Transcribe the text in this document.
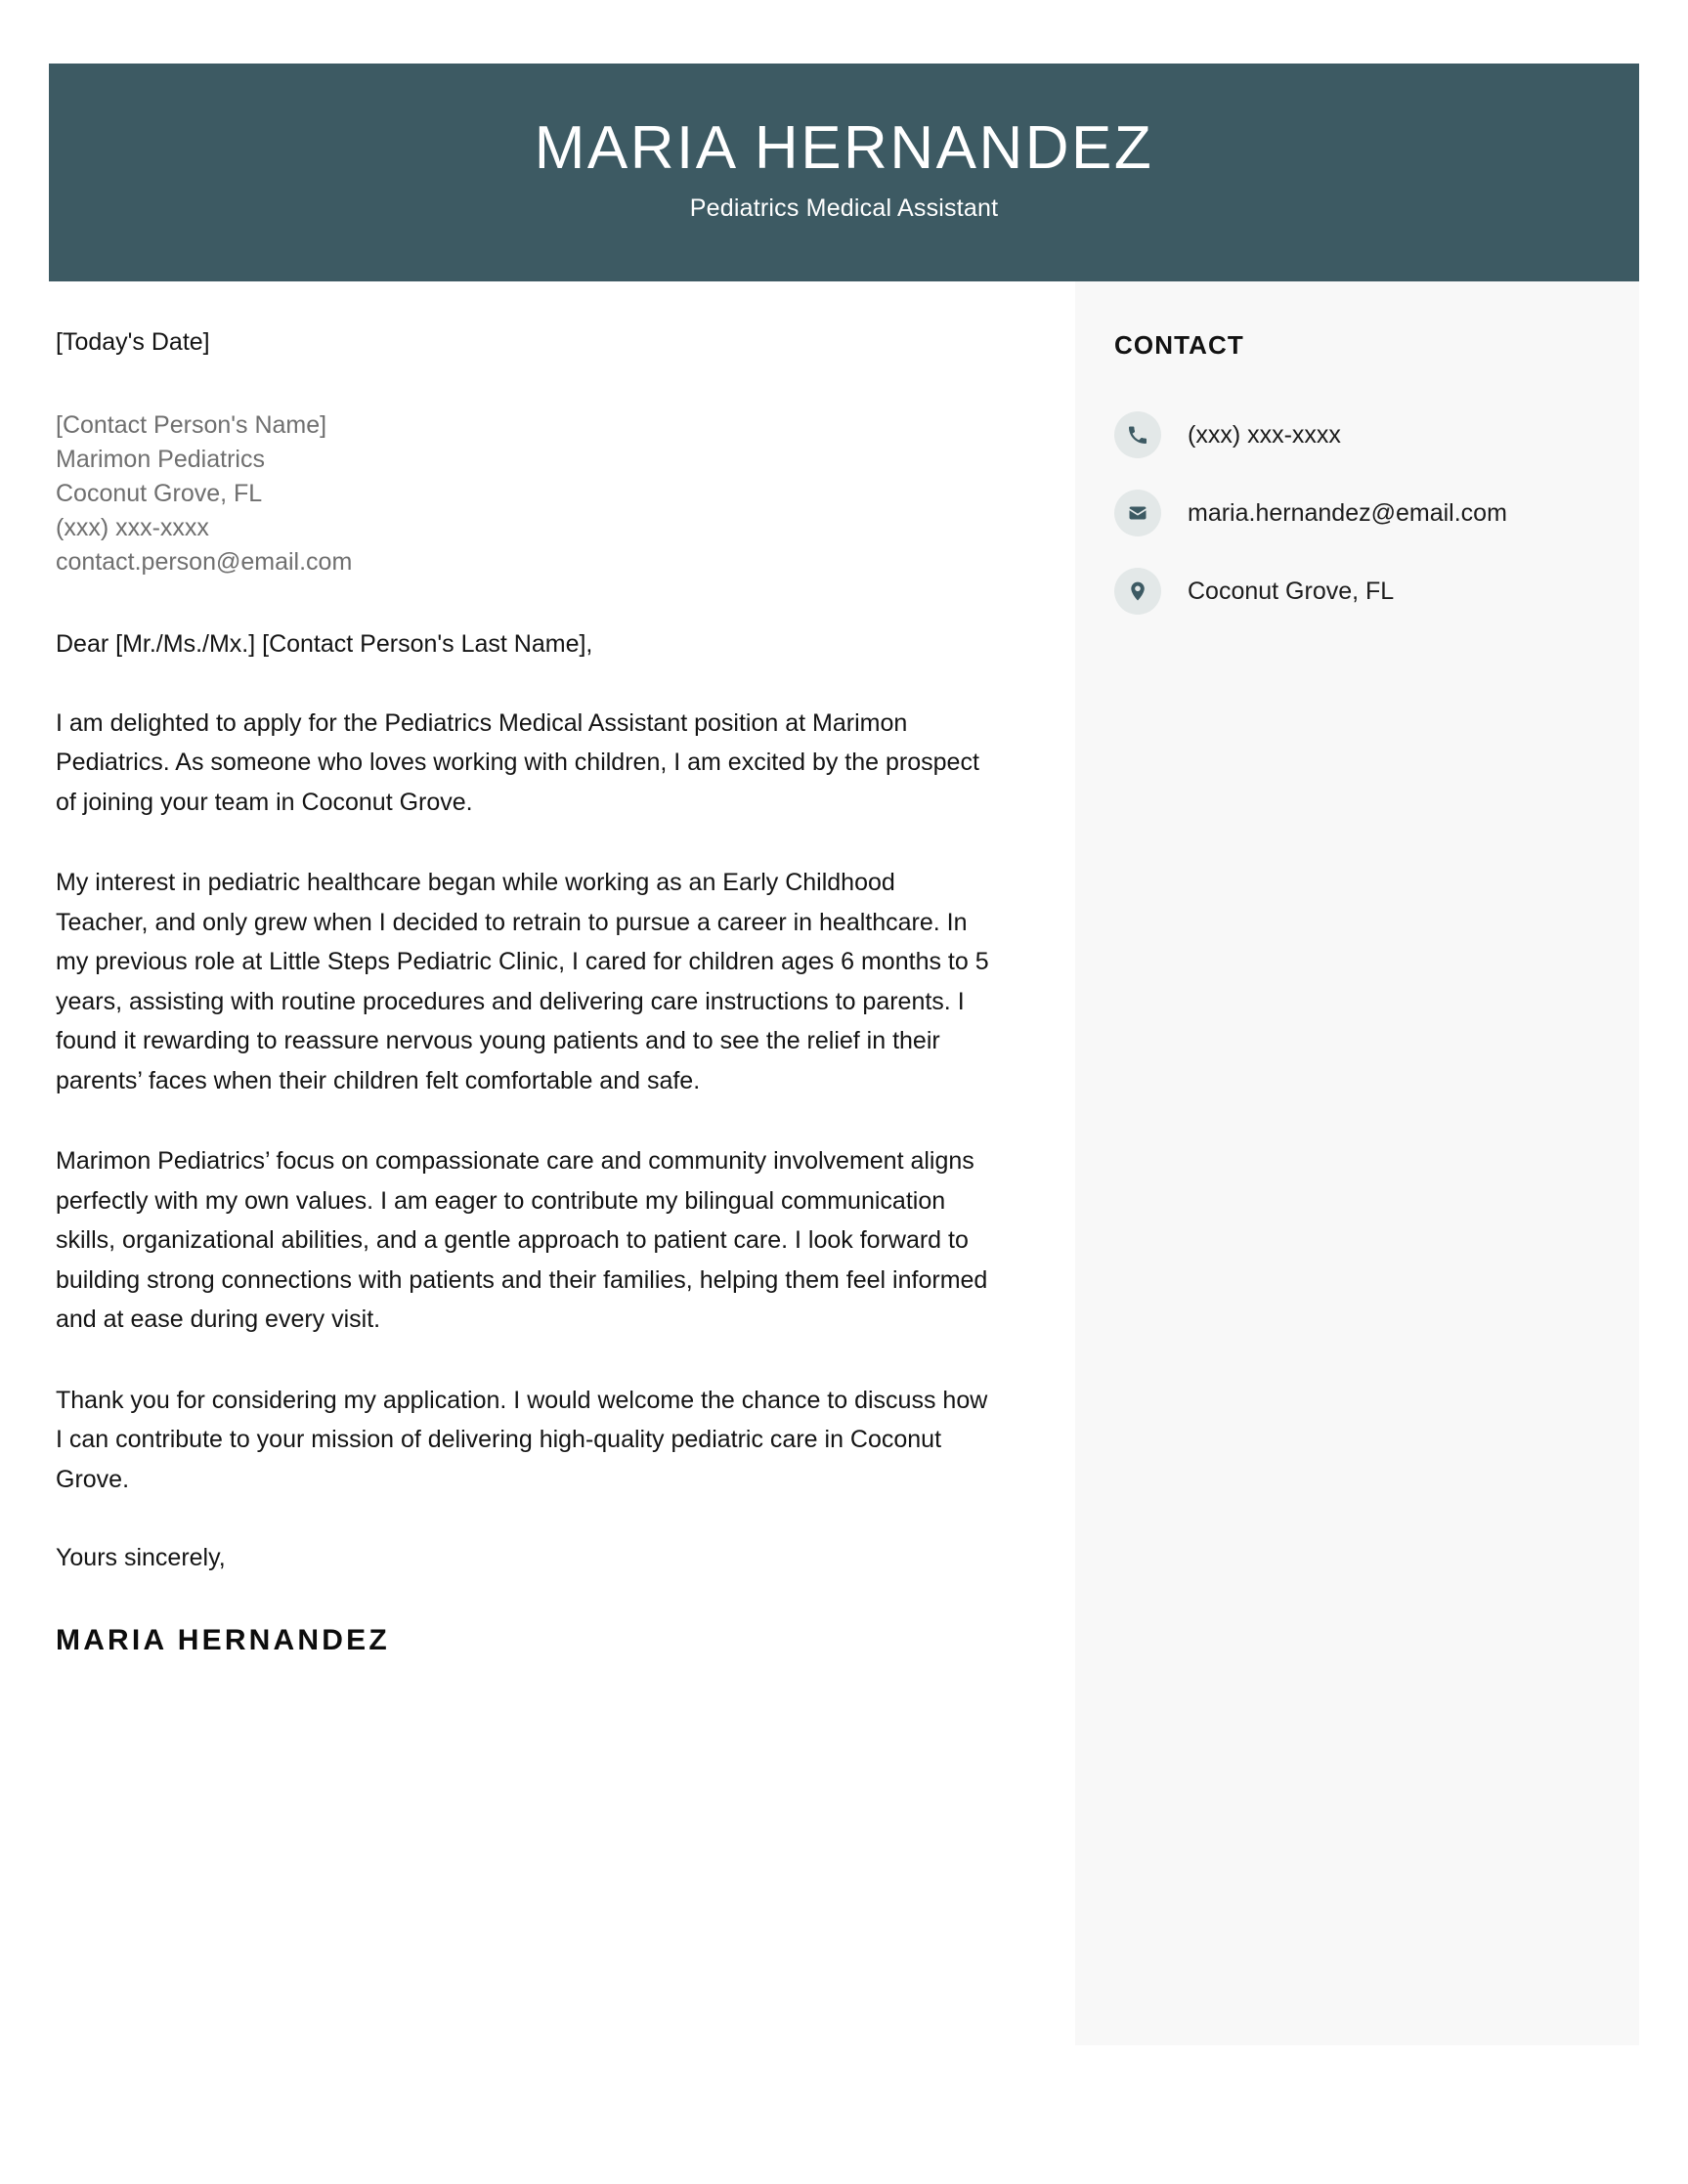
MARIA HERNANDEZ
Pediatrics Medical Assistant
CONTACT
(xxx) xxx-xxxx
maria.hernandez@email.com
Coconut Grove, FL

[Today's Date]

[Contact Person's Name]
Marimon Pediatrics
Coconut Grove, FL
(xxx) xxx-xxxx
contact.person@email.com

Dear [Mr./Ms./Mx.] [Contact Person's Last Name],

I am delighted to apply for the Pediatrics Medical Assistant position at Marimon Pediatrics. As someone who loves working with children, I am excited by the prospect of joining your team in Coconut Grove.

My interest in pediatric healthcare began while working as an Early Childhood Teacher, and only grew when I decided to retrain to pursue a career in healthcare. In my previous role at Little Steps Pediatric Clinic, I cared for children ages 6 months to 5 years, assisting with routine procedures and delivering care instructions to parents. I found it rewarding to reassure nervous young patients and to see the relief in their parents’ faces when their children felt comfortable and safe.

Marimon Pediatrics’ focus on compassionate care and community involvement aligns perfectly with my own values. I am eager to contribute my bilingual communication skills, organizational abilities, and a gentle approach to patient care. I look forward to building strong connections with patients and their families, helping them feel informed and at ease during every visit.

Thank you for considering my application. I would welcome the chance to discuss how I can contribute to your mission of delivering high-quality pediatric care in Coconut Grove.

Yours sincerely,

MARIA HERNANDEZ
